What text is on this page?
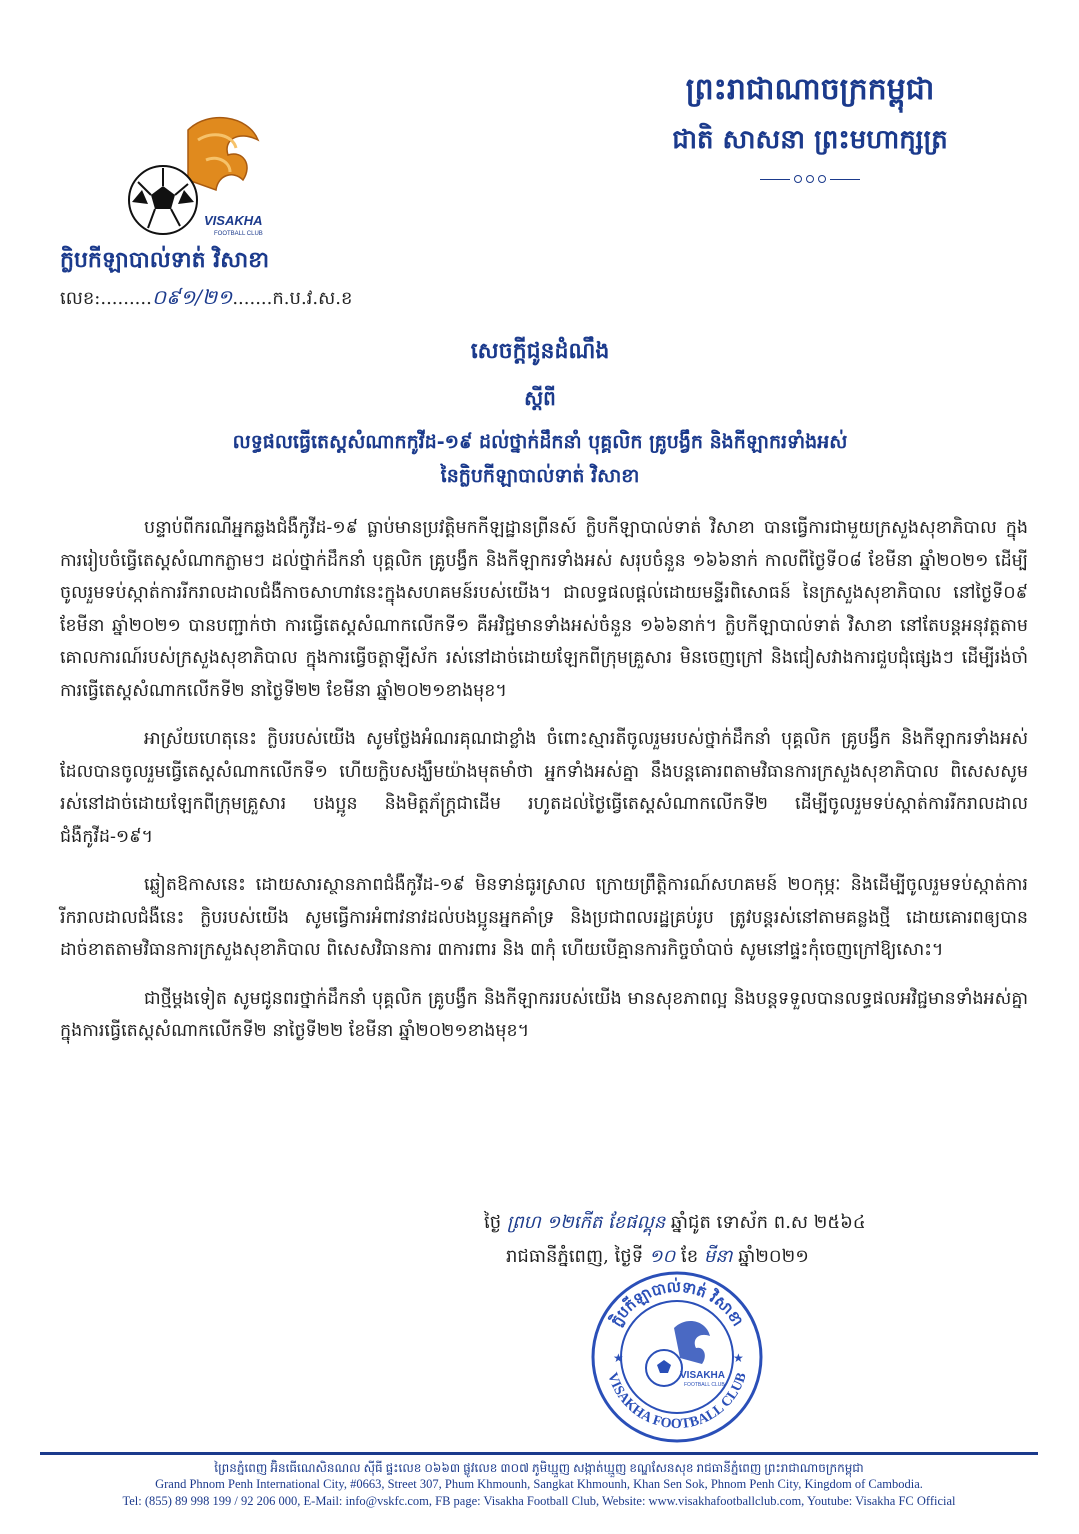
ព្រះរាជាណាចក្រកម្ពុជា
ជាតិ សាសនា ព្រះមហាក្សត្រ
VISAKHA
FOOTBALL CLUB
ក្លិបកីឡាបាល់ទាត់ វិសាខា
លេខ:.........០៩១/២១.......ក.ប.វ.ស.ខ
សេចក្តីជូនដំណឹង
ស្តីពី
លទ្ធផលធ្វើតេស្តសំណាកកូវីដ-១៩ ដល់ថ្នាក់ដឹកនាំ បុគ្គលិក គ្រូបង្វឹក និងកីឡាករទាំងអស់
នៃក្លិបកីឡាបាល់ទាត់ វិសាខា

បន្ទាប់ពីករណីអ្នកឆ្លងជំងឺកូវីដ-១៩ ធ្លាប់មានប្រវត្តិមកកីឡដ្ឋានព្រីនស៍ ក្លិបកីឡាបាល់ទាត់ វិសាខា បានធ្វើការជាមួយក្រសួងសុខាភិបាល ក្នុងការរៀបចំធ្វើតេស្តសំណាកភ្លាមៗ ដល់ថ្នាក់ដឹកនាំ បុគ្គលិក គ្រូបង្វឹក និងកីឡាករទាំងអស់ សរុបចំនួន ១៦៦នាក់ កាលពីថ្ងៃទី០៨ ខែមីនា ឆ្នាំ២០២១ ដើម្បីចូលរួមទប់ស្កាត់ការរីករាលដាលជំងឺកាចសាហាវនេះក្នុងសហគមន៍របស់យើង។ ជាលទ្ធផលផ្តល់ដោយមន្ទីរពិសោធន៍ នៃក្រសួងសុខាភិបាល នៅថ្ងៃទី០៩ ខែមីនា ឆ្នាំ២០២១ បានបញ្ជាក់ថា ការធ្វើតេស្តសំណាកលើកទី១ គឺអវិជ្ជមានទាំងអស់ចំនួន ១៦៦នាក់។ ក្លិបកីឡាបាល់ទាត់ វិសាខា នៅតែបន្តអនុវត្តតាមគោលការណ៍របស់ក្រសួងសុខាភិបាល ក្នុងការធ្វើចត្តាឡីស័ក រស់នៅដាច់ដោយឡែកពីក្រុមគ្រួសារ មិនចេញក្រៅ និងជៀសវាងការជួបជុំផ្សេងៗ ដើម្បីរង់ចាំការធ្វើតេស្តសំណាកលើកទី២ នាថ្ងៃទី២២ ខែមីនា ឆ្នាំ២០២១ខាងមុខ។

អាស្រ័យហេតុនេះ ក្លិបរបស់យើង សូមថ្លែងអំណរគុណជាខ្លាំង ចំពោះស្មារតីចូលរួមរបស់ថ្នាក់ដឹកនាំ បុគ្គលិក គ្រូបង្វឹក និងកីឡាករទាំងអស់ ដែលបានចូលរួមធ្វើតេស្តសំណាកលើកទី១ ហើយក្លិបសង្ឃឹមយ៉ាងមុតមាំថា អ្នកទាំងអស់គ្នា នឹងបន្តគោរពតាមវិធានការក្រសួងសុខាភិបាល ពិសេសសូមរស់នៅដាច់ដោយឡែកពីក្រុមគ្រួសារ បងប្អូន និងមិត្តភ័ក្ត្រជាដើម រហូតដល់ថ្ងៃធ្វើតេស្តសំណាកលើកទី២ ដើម្បីចូលរួមទប់ស្កាត់ការរីករាលដាលជំងឺកូវីដ-១៩។

ឆ្លៀតឱកាសនេះ ដោយសារស្ថានភាពជំងឺកូវីដ-១៩ មិនទាន់ធូរស្រាល ក្រោយព្រឹត្តិការណ៍សហគមន៍ ២០កុម្ភៈ និងដើម្បីចូលរួមទប់ស្កាត់ការរីករាលដាលជំងឺនេះ ក្លិបរបស់យើង សូមធ្វើការអំពាវនាវដល់បងប្អូនអ្នកគាំទ្រ និងប្រជាពលរដ្ឋគ្រប់រូប ត្រូវបន្តរស់នៅតាមគន្លងថ្មី ដោយគោរពឲ្យបានដាច់ខាតតាមវិធានការក្រសួងសុខាភិបាល ពិសេសវិធានការ ៣ការពារ និង ៣កុំ ហើយបើគ្មានការកិច្ចចាំបាច់ សូមនៅផ្ទះកុំចេញក្រៅឱ្យសោះ។

ជាថ្មីម្តងទៀត សូមជូនពរថ្នាក់ដឹកនាំ បុគ្គលិក គ្រូបង្វឹក និងកីឡាកររបស់យើង មានសុខភាពល្អ និងបន្តទទួលបានលទ្ធផលអវិជ្ជមានទាំងអស់គ្នា ក្នុងការធ្វើតេស្តសំណាកលើកទី២ នាថ្ងៃទី២២ ខែមីនា ឆ្នាំ២០២១ខាងមុខ។

ថ្ងៃ ព្រហ ១២កើត ខែផល្គុន ឆ្នាំជូត ទោស័ក ព.ស ២៥៦៤
រាជធានីភ្នំពេញ, ថ្ងៃទី ១០ ខែ មីនា ឆ្នាំ២០២១
ក្លិបកីឡាបាល់ទាត់ វិសាខា
VISAKHA FOOTBALL CLUB
★	★
VISAKHA
FOOTBALL CLUB
ព្រៃនភ្នំពេញ អ៊ិនធើណេសិនណល ស៊ីធី ផ្ទះលេខ ០៦៦៣ ផ្លូវលេខ ៣០៧ ភូមិឃ្មួញ សង្កាត់ឃ្មួញ ខណ្ឌសែនសុខ រាជធានីភ្នំពេញ ព្រះរាជាណាចក្រកម្ពុជា
Grand Phnom Penh International City, #0663, Street 307, Phum Khmounh, Sangkat Khmounh, Khan Sen Sok, Phnom Penh City, Kingdom of Cambodia.
Tel: (855) 89 998 199 / 92 206 000, E-Mail: info@vskfc.com, FB page: Visakha Football Club, Website: www.visakhafootballclub.com, Youtube: Visakha FC Official
